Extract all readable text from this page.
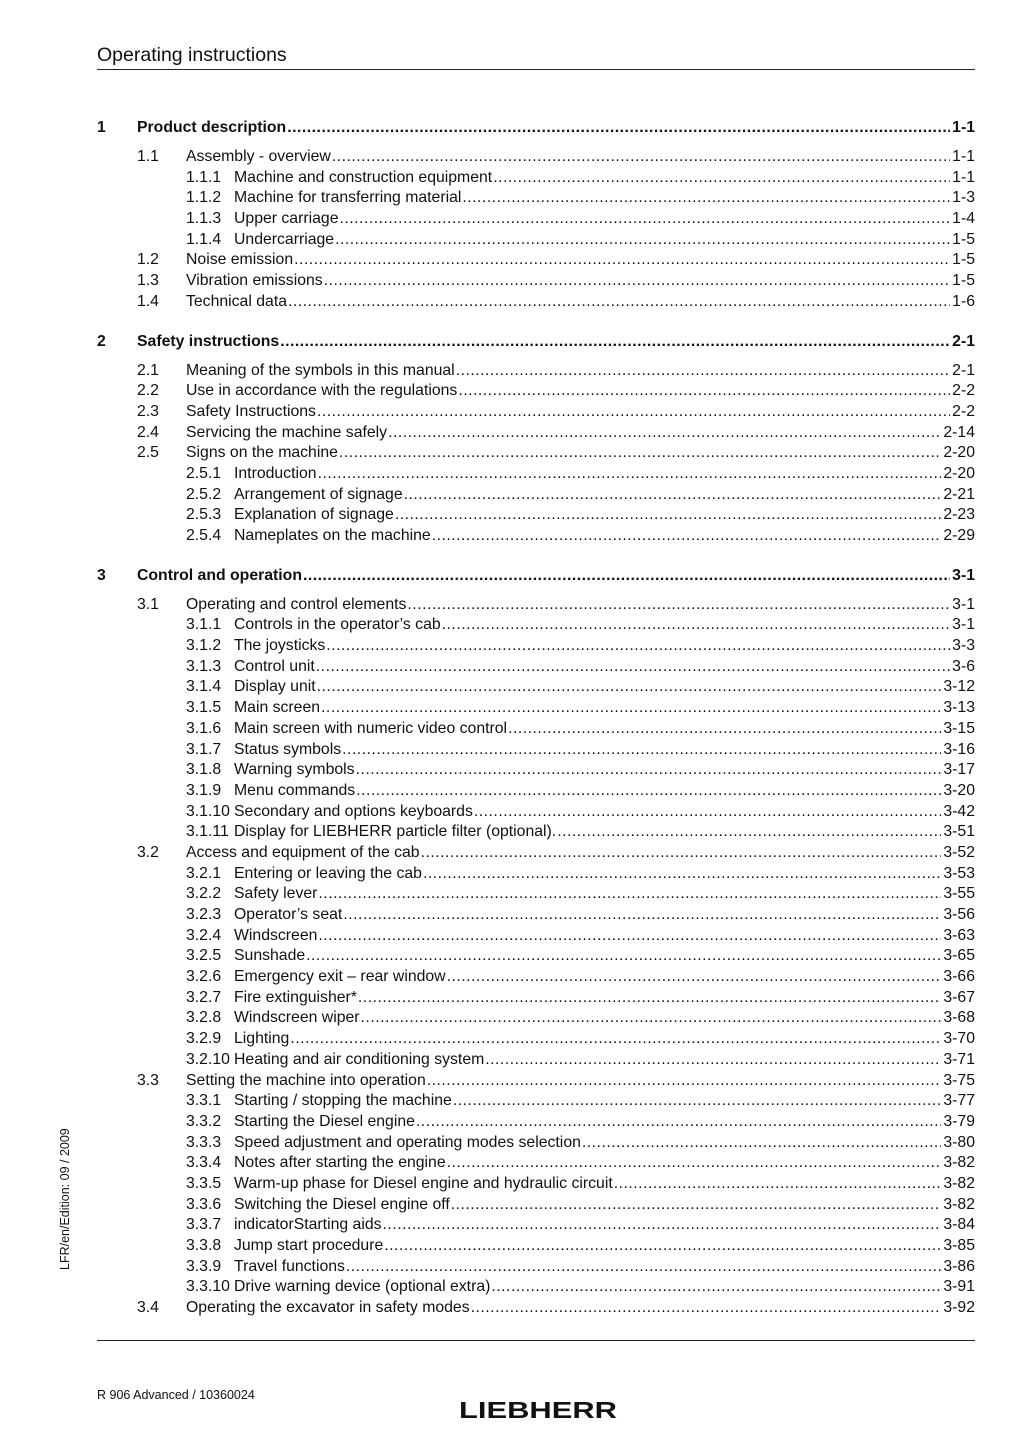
Operating instructions
1 Product description .....	1-1
1.1 Assembly - overview .....	1-1
1.1.1 Machine and construction equipment .....	1-1
1.1.2 Machine for transferring material .....	1-3
1.1.3 Upper carriage .....	1-4
1.1.4 Undercarriage .....	1-5
1.2 Noise emission .....	1-5
1.3 Vibration emissions .....	1-5
1.4 Technical data .....	1-6
2 Safety instructions .....	2-1
2.1 Meaning of the symbols in this manual .....	2-1
2.2 Use in accordance with the regulations .....	2-2
2.3 Safety Instructions .....	2-2
2.4 Servicing the machine safely .....	2-14
2.5 Signs on the machine .....	2-20
2.5.1 Introduction .....	2-20
2.5.2 Arrangement of signage .....	2-21
2.5.3 Explanation of signage .....	2-23
2.5.4 Nameplates on the machine .....	2-29
3 Control and operation .....	3-1
3.1 Operating and control elements .....	3-1
3.1.1 Controls in the operator’s cab .....	3-1
3.1.2 The joysticks .....	3-3
3.1.3 Control unit .....	3-6
3.1.4 Display unit .....	3-12
3.1.5 Main screen .....	3-13
3.1.6 Main screen with numeric video control .....	3-15
3.1.7 Status symbols .....	3-16
3.1.8 Warning symbols .....	3-17
3.1.9 Menu commands .....	3-20
3.1.10 Secondary and options keyboards .....	3-42
3.1.11 Display for LIEBHERR particle filter (optional). .....	3-51
3.2 Access and equipment of the cab .....	3-52
3.2.1 Entering or leaving the cab .....	3-53
3.2.2 Safety lever .....	3-55
3.2.3 Operator’s seat .....	3-56
3.2.4 Windscreen .....	3-63
3.2.5 Sunshade .....	3-65
3.2.6 Emergency exit – rear window .....	3-66
3.2.7 Fire extinguisher* .....	3-67
3.2.8 Windscreen wiper .....	3-68
3.2.9 Lighting .....	3-70
3.2.10 Heating and air conditioning system .....	3-71
3.3 Setting the machine into operation .....	3-75
3.3.1 Starting / stopping the machine .....	3-77
3.3.2 Starting the Diesel engine .....	3-79
3.3.3 Speed adjustment and operating modes selection .....	3-80
3.3.4 Notes after starting the engine .....	3-82
3.3.5 Warm-up phase for Diesel engine and hydraulic circuit .....	3-82
3.3.6 Switching the Diesel engine off .....	3-82
3.3.7 indicatorStarting aids .....	3-84
3.3.8 Jump start procedure .....	3-85
3.3.9 Travel functions .....	3-86
3.3.10 Drive warning device (optional extra) .....	3-91
3.4 Operating the excavator in safety modes .....	3-92
R 906 Advanced / 10360024
LFR/en/Edition: 09 / 2009
LIEBHERR
